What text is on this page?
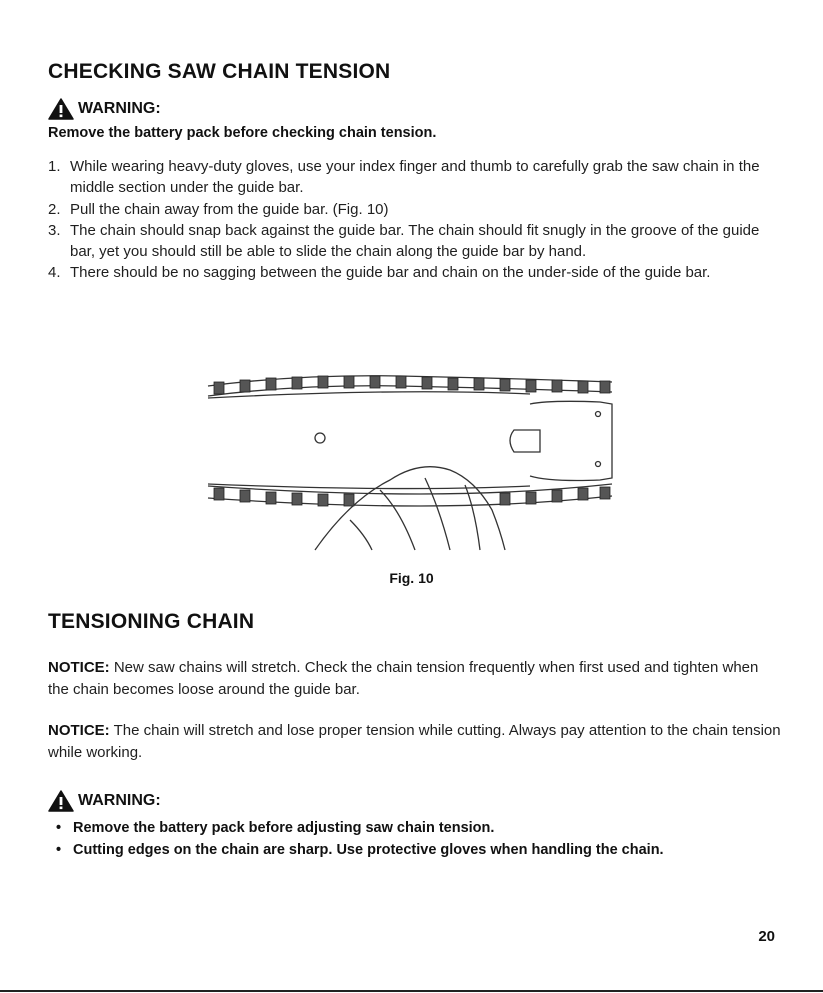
CHECKING SAW CHAIN TENSION
WARNING:
Remove the battery pack before checking chain tension.
1. While wearing heavy-duty gloves, use your index finger and thumb to carefully grab the saw chain in the middle section under the guide bar.
2. Pull the chain away from the guide bar. (Fig. 10)
3. The chain should snap back against the guide bar. The chain should fit snugly in the groove of the guide bar, yet you should still be able to slide the chain along the guide bar by hand.
4. There should be no sagging between the guide bar and chain on the under-side of the guide bar.
Fig. 10
TENSIONING CHAIN
NOTICE: New saw chains will stretch. Check the chain tension frequently when first used and tighten when the chain becomes loose around the guide bar.
NOTICE: The chain will stretch and lose proper tension while cutting. Always pay attention to the chain tension while working.
WARNING:
• Remove the battery pack before adjusting saw chain tension.
• Cutting edges on the chain are sharp. Use protective gloves when handling the chain.
20
